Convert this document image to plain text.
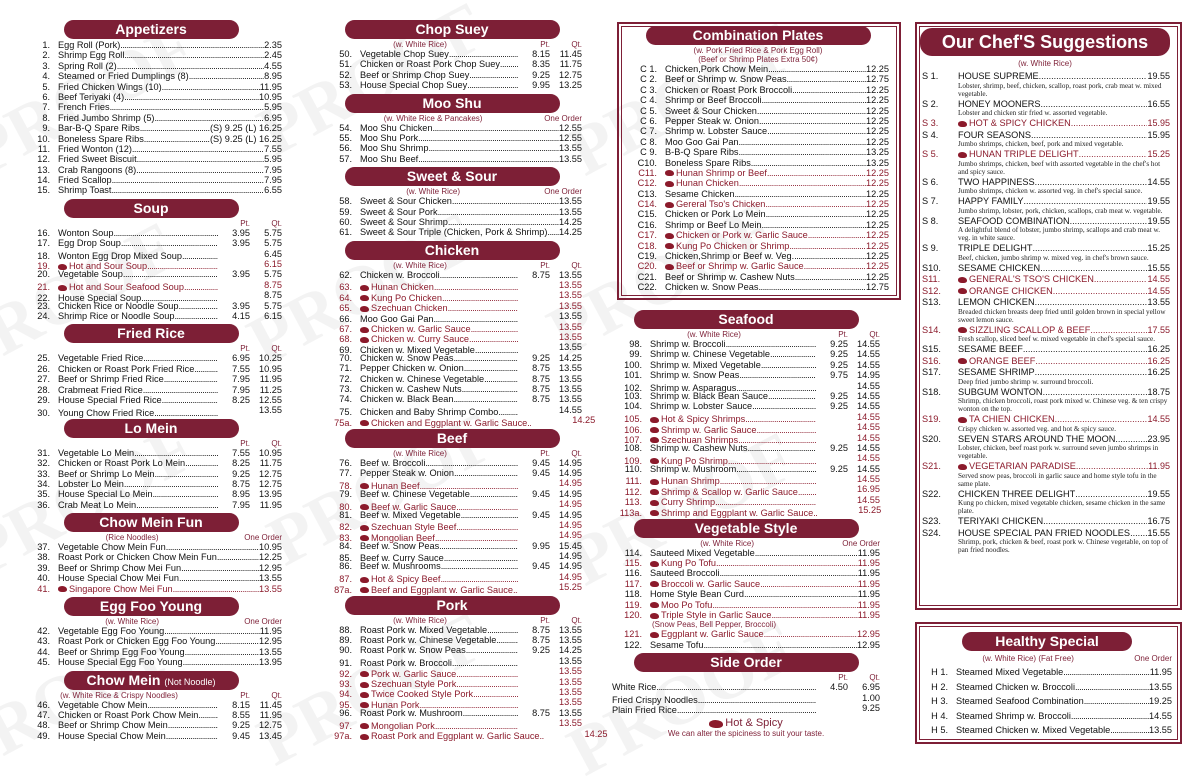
Appetizers
1. Egg Roll (Pork) .....	2.35
2. Shrimp Egg Roll .....	2.45
3. Spring Roll (2) .....	4.55
4. Steamed or Fried Dumplings (8) .....	8.95
5. Fried Chicken Wings (10) .....	11.95
6. Beef Teriyaki (4) .....	10.95
7. French Fries .....	5.95
8. Fried Jumbo Shrimp (5) .....	6.95
9. Bar-B-Q Spare Ribs .....	(S) 9.25 (L) 16.25
10. Boneless Spare Ribs .....	(S) 9.25 (L) 16.25
11. Fried Wonton (12) .....	7.55
12. Fried Sweet Biscuit .....	5.95
13. Crab Rangoons (8) .....	7.95
14. Fried Scallop .....	7.95
15. Shrimp Toast .....	6.55
Soup
Pt.	Qt.
16. Wonton Soup .....	3.95	5.75
17. Egg Drop Soup .....	3.95	5.75
18. Wonton Egg Drop Mixed Soup .....	6.45
19.	Hot and Sour Soup .....	6.15
20. Vegetable Soup .....	3.95	5.75
21.	Hot and Sour Seafood Soup .....	8.75
22. House Special Soup .....	8.75
23. Chicken Rice or Noodle Soup .....	3.95	5.75
24. Shrimp Rice or Noodle Soup .....	4.15	6.15
Fried Rice
Pt.	Qt.
25. Vegetable Fried Rice .....	6.95 10.25
26. Chicken or Roast Pork Fried Rice .....	7.55 10.95
27. Beef or Shrimp Fried Rice .....	7.95	11.95
28. Crabmeat Fried Rice .....	7.95	11.25
29. House Special Fried Rice .....	8.25 12.55
30. Young Chow Fried Rice .....	13.55
Lo Mein
Pt.	Qt.
31. Vegetable Lo Mein .....	7.55 10.95
32. Chicken or Roast Pork Lo Mein .....	8.25	11.75
33. Beef or Shrimp Lo Mein .....	9.25 12.75
34. Lobster Lo Mein .....	8.75 12.75
35. House Special Lo Mein .....	8.95 13.95
36. Crab Meat Lo Mein .....	7.95	11.95
Chow Mein Fun
(Rice Noodles)	One Order
37. Vegetable Chow Mein Fun .....	10.95
38. Roast Pork or Chicken Chow Mein Fun .....	12.25
39. Beef or Shrimp Chow Mei Fun .....	12.95
40. House Special Chow Mei Fun .....	13.55
41.	Singapore Chow Mei Fun .....	13.55
Egg Foo Young
(w. White Rice)	One Order
42. Vegetable Egg Foo Young .....	11.95
43. Roast Pork or Chicken Egg Foo Young .....	12.95
44. Beef or Shrimp Egg Foo Young .....	13.55
45. House Special Egg Foo Young .....	13.95
Chow Mein (Not Noodle)
(w. White Rice & Crispy Noodles)	Pt.	Qt.
46. Vegetable Chow Mein .....	8.15	11.45
47. Chicken or Roast Pork Chow Mein .....	8.55	11.95
48. Beef or Shrimp Chow Mein .....	9.25 12.75
49. House Special Chow Mein .....	9.45 13.45
Chop Suey
(w. White Rice)	Pt.	Qt.
50. Vegetable Chop Suey .....	8.15	11.45
51. Chicken or Roast Pork Chop Suey .....	8.35	11.75
52. Beef or Shrimp Chop Suey .....	9.25 12.75
53. House Special Chop Suey .....	9.95 13.25
Moo Shu
(w. White Rice & Pancakes)	One Order
54. Moo Shu Chicken .....	12.55
55. Moo Shu Pork .....	12.55
56. Moo Shu Shrimp .....	13.55
57. Moo Shu Beef .....	13.55
Sweet & Sour
(w. White Rice)	One Order
58. Sweet & Sour Chicken .....	13.55
59. Sweet & Sour Pork .....	13.55
60. Sweet & Sour Shrimp .....	14.25
61. Sweet & Sour Triple (Chicken, Pork & Shrimp) ..... 14.25
Chicken
(w. White Rice)	Pt.	Qt.
62. Chicken w. Broccoli .....	8.75 13.55
63.	Hunan Chicken .....	13.55
64.	Kung Po Chicken .....	13.55
65.	Szechuan Chicken .....	13.55
66. Moo Goo Gai Pan .....	13.55
67.	Chicken w. Garlic Sauce .....	13.55
68.	Chicken w. Curry Sauce .....	13.55
69. Chicken w. Mixed Vegetable .....	13.55
70. Chicken w. Snow Peas .....	9.25 14.25
71. Pepper Chicken w. Onion .....	8.75 13.55
72. Chicken w. Chinese Vegetable .....	8.75 13.55
73. Chicken w. Cashew Nuts .....	8.75 13.55
74. Chicken w. Black Bean .....	8.75 13.55
75. Chicken and Baby Shrimp Combo .....	14.55
75a.	Chicken and Eggplant w. Garlic Sauce .....	14.25
Beef
(w. White Rice)	Pt.	Qt.
76. Beef w. Broccoli .....	9.45 14.95
77. Pepper Steak w. Onion .....	9.45 14.95
78.	Hunan Beef .....	14.95
79. Beef w. Chinese Vegetable .....	9.45 14.95
80.	Beef w. Garlic Sauce .....	14.95
81. Beef w. Mixed Vegetable .....	9.45 14.95
82.	Szechuan Style Beef .....	14.95
83.	Mongolian Beef .....	14.95
84. Beef w. Snow Peas .....	9.95 15.45
85. Beef w. Curry Sauce .....	14.95
86. Beef w. Mushrooms .....	9.45 14.95
87.	Hot & Spicy Beef .....	14.95
87a.	Beef and Eggplant w. Garlic Sauce .....	15.25
Pork
(w. White Rice)	Pt.	Qt.
88. Roast Pork w. Mixed Vegetable .....	8.75 13.55
89. Roast Pork w. Chinese Vegetable .....	8.75 13.55
90. Roast Pork w. Snow Peas .....	9.25 14.25
91. Roast Pork w. Broccoli .....	13.55
92.	Pork w. Garlic Sauce .....	13.55
93.	Szechuan Style Pork .....	13.55
94.	Twice Cooked Style Pork .....	13.55
95.	Hunan Pork .....	13.55
96. Roast Pork w. Mushroom .....	8.75 13.55
97.	Mongolian Pork .....	13.55
97a.	Roast Pork and Eggplant w. Garlic Sauce .....	14.25
Combination Plates
(w. Pork Fried Rice & Pork Egg Roll)
(Beef or Shrimp Plates Extra 50¢)
C 1. Chicken,Pork Chow Mein .....	12.25
C 2. Beef or Shrimp w. Snow Peas .....	12.75
C 3. Chicken or Roast Pork Broccoli .....	12.25
C 4. Shrimp or Beef Broccoli .....	12.25
C 5. Sweet & Sour Chicken .....	12.25
C 6. Pepper Steak w. Onion .....	12.25
C 7. Shrimp w. Lobster Sauce .....	12.25
C 8. Moo Goo Gai Pan .....	12.25
C 9. B-B-Q Spare Ribs .....	13.25
C10. Boneless Spare Ribs .....	13.25
C11.	Hunan Shrimp or Beef .....	12.25
C12.	Hunan Chicken .....	12.25
C13. Sesame Chicken .....	12.25
C14.	Gereral Tso's Chicken .....	12.25
C15. Chicken or Pork Lo Mein .....	12.25
C16. Shrimp or Beef Lo Mein .....	12.25
C17.	Chicken or Pork w. Garlic Sauce .....	12.25
C18.	Kung Po Chicken or Shrimp .....	12.25
C19. Chicken,Shrimp or Beef w. Veg. .....	12.25
C20.	Beef or Shrimp w. Garlic Sauce .....	12.25
C21. Beef or Shrimp w. Cashew Nuts .....	12.25
C22. Chicken w. Snow Peas .....	12.75
Seafood
(w. White Rice)	Pt.	Qt.
98. Shrimp w. Broccoli .....	9.25 14.55
99. Shrimp w. Chinese Vegetable .....	9.25 14.55
100. Shrimp w. Mixed Vegetable .....	9.25 14.55
101. Shrimp w. Snow Peas .....	9.75 14.95
102. Shrimp w. Asparagus .....	14.55
103. Shrimp w. Black Bean Sauce .....	9.25 14.55
104. Shrimp w. Lobster Sauce .....	9.25 14.55
105.	Hot & Spicy Shrimps .....	14.55
106.	Shrimp w. Garlic Sauce .....	14.55
107.	Szechuan Shrimps .....	14.55
108. Shrimp w. Cashew Nuts .....	9.25 14.55
109.	Kung Po Shrimp .....	14.55
110. Shrimp w. Mushroom .....	9.25 14.55
111.	Hunan Shrimp .....	14.55
112.	Shrimp & Scallop w. Garlic Sauce .....	16.95
113.	Curry Shrimp .....	14.55
113a.	Shrimp and Eggplant w. Garlic Sauce .....	15.25
Vegetable Style
(w. White Rice)	One Order
114. Sauteed Mixed Vegetable .....	11.95
115.	Kung Po Tofu .....	11.95
116. Sauteed Broccoli .....	11.95
117.	Broccoli w. Garlic Sauce .....	11.95
118. Home Style Bean Curd .....	11.95
119.	Moo Po Tofu .....	11.95
120.	Triple Style in Garlic Sauce .....	11.95
(Snow Peas, Bell Pepper, Broccoli)
121.	Eggplant w. Garlic Sauce .....	12.95
122. Sesame Tofu .....	12.95
Side Order
Pt.	Qt.
White Rice .....	4.50	6.95
Fried Crispy Noodles .....	1.00
Plain Fried Rice .....	9.25
Hot & Spicy
We can alter the spiciness to suit your taste.
Our Chef'S Suggestions
(w. White Rice)
S 1. HOUSE SUPREME .....	19.55
Lobster, shrimp, beef, chicken, scallop, roast pork, crab meat w. mixed vegetable.
S 2. HONEY MOONERS .....	16.55
Lobster and chicken stir fried w. assorted vegetable.
S 3.	HOT & SPICY CHICKEN .....	15.95
S 4. FOUR SEASONS .....	15.95
Jumbo shrimps, chicken, beef, pork and mixed vegetable.
S 5.	HUNAN TRIPLE DELIGHT .....	15.25
Jumbo shrimps, chicken, beef with assorted vegetable in the chef's hot and spicy sauce.
S 6. TWO HAPPINESS .....	14.55
Jumbo shrimps, chicken w. assorted veg. in chef's special sauce.
S 7. HAPPY FAMILY .....	19.55
Jumbo shrimp, lobster, pork, chicken, scallops, crab meat w. vegetable.
S 8. SEAFOOD COMBINATION .....	19.55
A delightful blend of lobster, jumbo shrimp, scallops and crab meat w. veg. in white sauce.
S 9. TRIPLE DELIGHT .....	15.25
Beef, chicken, jumbo shrimp w. mixed veg. in chef's brown sauce.
S10. SESAME CHICKEN .....	15.55
S11.	GENERAL'S TSO'S CHICKEN .....	14.55
S12.	ORANGE CHICKEN .....	14.55
S13. LEMON CHICKEN .....	13.55
Breaded chicken breasts deep fried until golden brown in special yellow sweet lemon sauce.
S14.	SIZZLING SCALLOP & BEEF .....	17.55
Fresh scallop, sliced beef w. mixed vegetable in chef's special sauce.
S15. SESAME BEEF .....	16.25
S16.	ORANGE BEEF .....	16.25
S17. SESAME SHRIMP .....	16.25
Deep fried jumbo shrimp w. surround broccoli.
S18. SUBGUM WONTON .....	18.75
Shrimp, chicken broccoli, roast pork mixed w. Chinese veg. & ten crispy wonton on the top.
S19.	TA CHIEN CHICKEN .....	14.55
Crispy chicken w. assorted veg. and hot & spicy sauce.
S20. SEVEN STARS AROUND THE MOON .....	23.95
Lobster, chicken, beef roast pork w. surround seven jumbo shrimps in vegetable.
S21.	VEGETARIAN PARADISE .....	11.95
Served snow peas, broccoli in garlic sauce and home style tofu in the same plate.
S22. CHICKEN THREE DELIGHT .....	19.55
Kung po chicken, mixed vegetable chicken, sesame chicken in the same plate.
S23. TERIYAKI CHICKEN .....	16.75
S24. HOUSE SPECIAL PAN FRIED NOODLES ..... 15.55
Shrimp, pork, chicken & beef, roast pork w. Chinese vegetable, on top of pan fried noodles.
Healthy Special
(w. White Rice) (Fat Free)	One Order
H 1. Steamed Mixed Vegetable .....	11.95
H 2. Steamed Chicken w. Broccoli .....	13.55
H 3. Steamed Seafood Combination .....	19.25
H 4. Steamed Shrimp w. Broccoli .....	14.55
H 5. Steamed Chicken w. Mixed Vegetable .....	13.55
